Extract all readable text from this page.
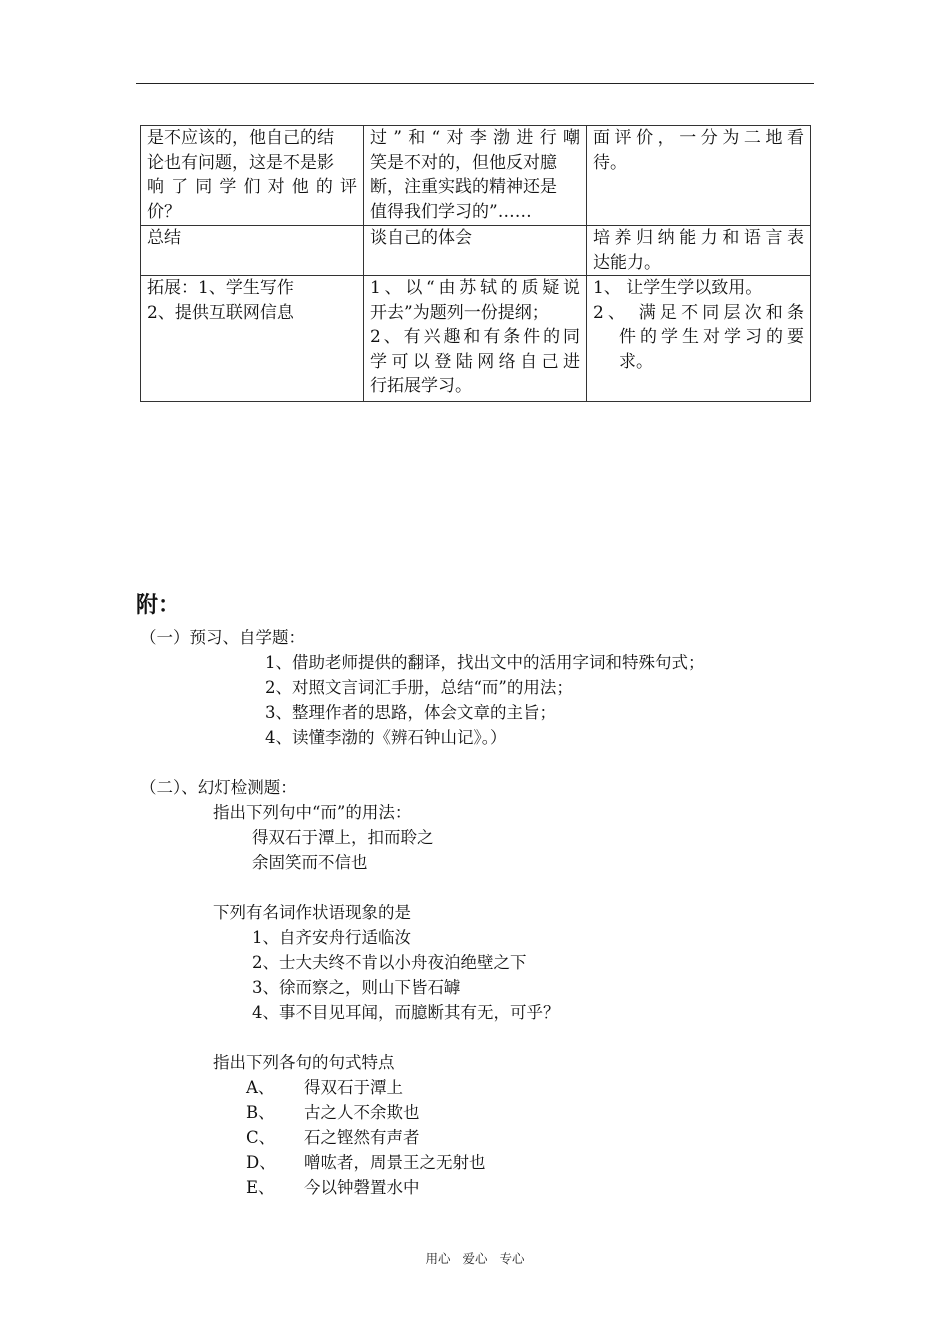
是不应该的，他自己的结
论也有问题，这是不是影
响了同学们对他的评
价？	过”和“对李渤进行嘲
笑是不对的，但他反对臆
断，注重实践的精神还是
值得我们学习的”……	面评价，一分为二地看
待。

总结	谈自己的体会	培养归纳能力和语言表
达能力。

拓展：1、学生写作
2、提供互联网信息	1、以“由苏轼的质疑说
开去”为题列一份提纲；
2、有兴趣和有条件的同
学可以登陆网络自己进
行拓展学习。	1、 让学生学以致用。
2、 满足不同层次和条
件的学生对学习的要
求。
附：
（一）预习、自学题：
1、借助老师提供的翻译，找出文中的活用字词和特殊句式；
2、对照文言词汇手册，总结“而”的用法；
3、整理作者的思路，体会文章的主旨；
4、读懂李渤的《辨石钟山记》。）
（二）、幻灯检测题：
指出下列句中“而”的用法：
得双石于潭上，扣而聆之
余固笑而不信也
下列有名词作状语现象的是
1、自齐安舟行适临汝
2、士大夫终不肯以小舟夜泊绝壁之下
3、徐而察之，则山下皆石罅
4、事不目见耳闻，而臆断其有无，可乎？
指出下列各句的句式特点
A、 得双石于潭上
B、 古之人不余欺也
C、 石之铿然有声者
D、 噌吰者，周景王之无射也
E、 今以钟磬置水中
用心 爱心 专心
